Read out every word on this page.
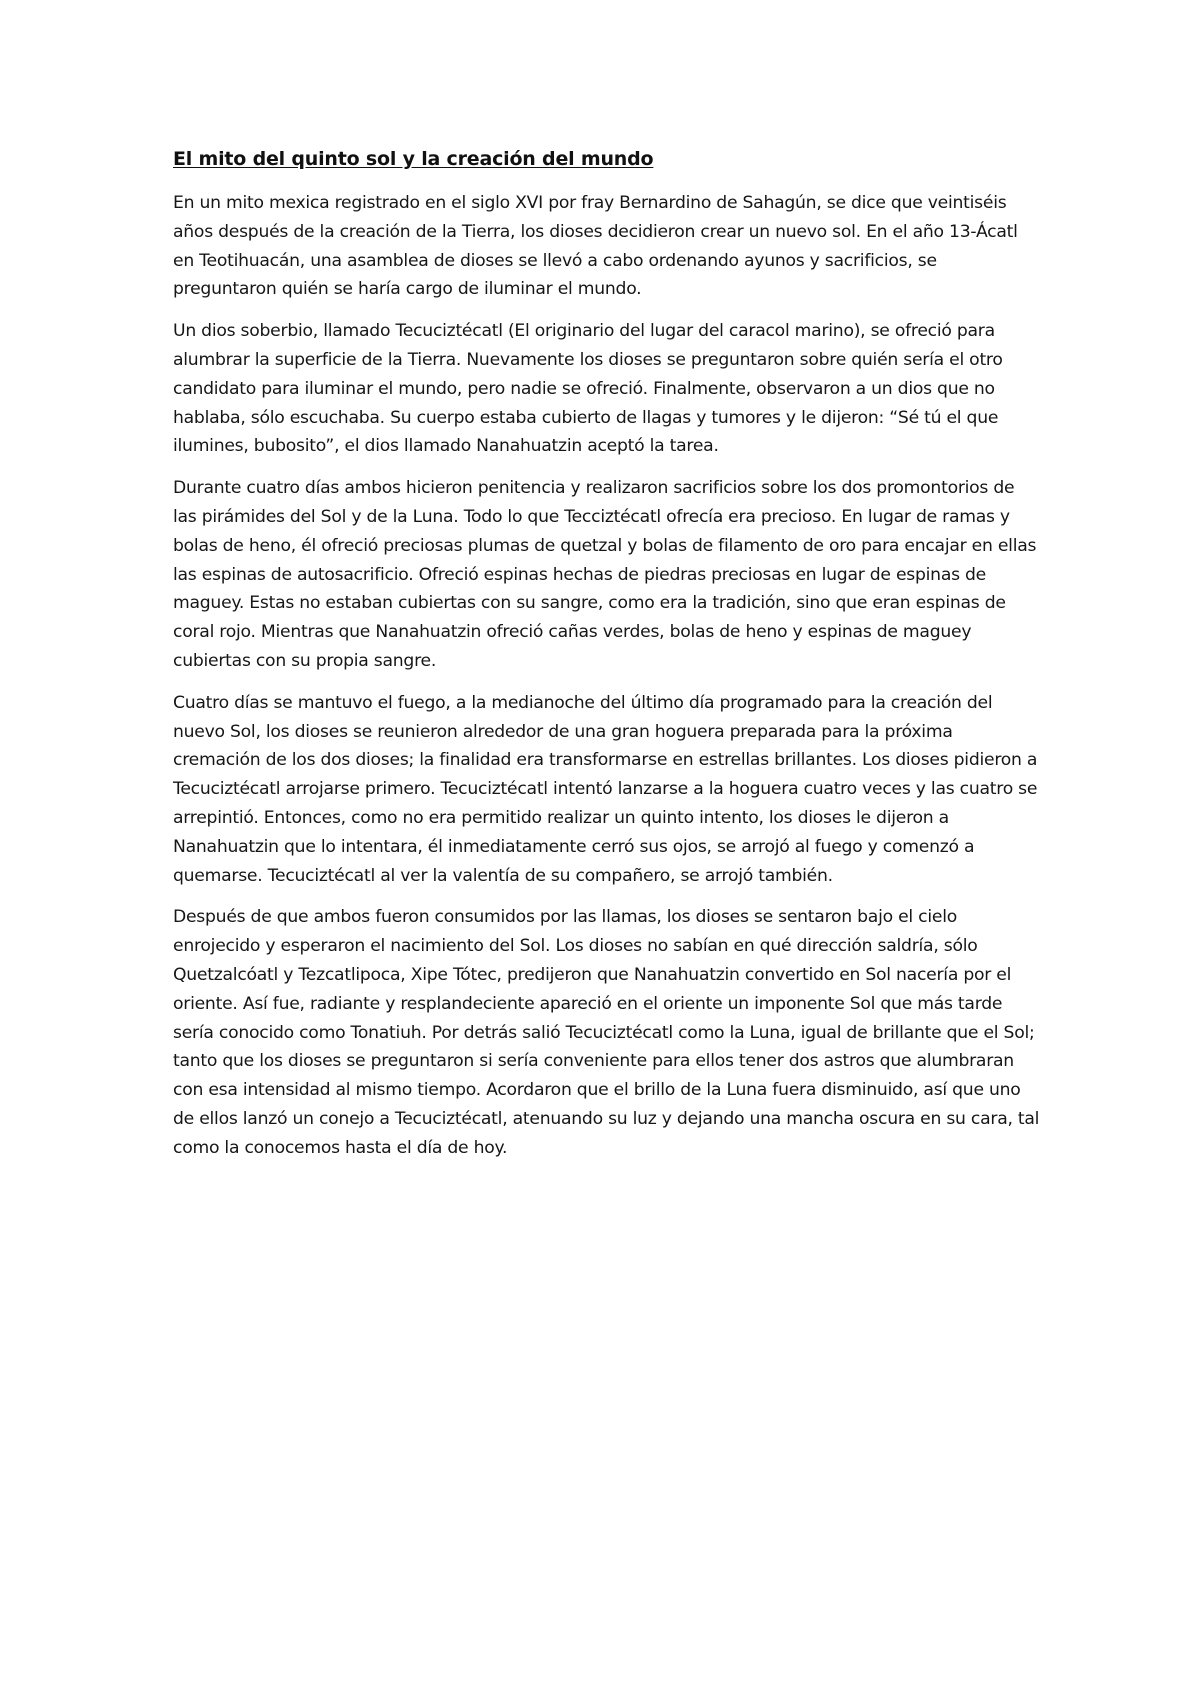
El mito del quinto sol y la creación del mundo

En un mito mexica registrado en el siglo XVI por fray Bernardino de Sahagún, se dice que veintiséis años después de la creación de la Tierra, los dioses decidieron crear un nuevo sol. En el año 13-Ácatl en Teotihuacán, una asamblea de dioses se llevó a cabo ordenando ayunos y sacrificios, se preguntaron quién se haría cargo de iluminar el mundo.

Un dios soberbio, llamado Tecuciztécatl (El originario del lugar del caracol marino), se ofreció para alumbrar la superficie de la Tierra. Nuevamente los dioses se preguntaron sobre quién sería el otro candidato para iluminar el mundo, pero nadie se ofreció. Finalmente, observaron a un dios que no hablaba, sólo escuchaba. Su cuerpo estaba cubierto de llagas y tumores y le dijeron: “Sé tú el que ilumines, bubosito”, el dios llamado Nanahuatzin aceptó la tarea.

Durante cuatro días ambos hicieron penitencia y realizaron sacrificios sobre los dos promontorios de las pirámides del Sol y de la Luna. Todo lo que Tecciztécatl ofrecía era precioso. En lugar de ramas y bolas de heno, él ofreció preciosas plumas de quetzal y bolas de filamento de oro para encajar en ellas las espinas de autosacrificio. Ofreció espinas hechas de piedras preciosas en lugar de espinas de maguey. Estas no estaban cubiertas con su sangre, como era la tradición, sino que eran espinas de coral rojo. Mientras que Nanahuatzin ofreció cañas verdes, bolas de heno y espinas de maguey cubiertas con su propia sangre.

Cuatro días se mantuvo el fuego, a la medianoche del último día programado para la creación del nuevo Sol, los dioses se reunieron alrededor de una gran hoguera preparada para la próxima cremación de los dos dioses; la finalidad era transformarse en estrellas brillantes. Los dioses pidieron a Tecuciztécatl arrojarse primero. Tecuciztécatl intentó lanzarse a la hoguera cuatro veces y las cuatro se arrepintió. Entonces, como no era permitido realizar un quinto intento, los dioses le dijeron a Nanahuatzin que lo intentara, él inmediatamente cerró sus ojos, se arrojó al fuego y comenzó a quemarse. Tecuciztécatl al ver la valentía de su compañero, se arrojó también.

Después de que ambos fueron consumidos por las llamas, los dioses se sentaron bajo el cielo enrojecido y esperaron el nacimiento del Sol. Los dioses no sabían en qué dirección saldría, sólo Quetzalcóatl y Tezcatlipoca, Xipe Tótec, predijeron que Nanahuatzin convertido en Sol nacería por el oriente. Así fue, radiante y resplandeciente apareció en el oriente un imponente Sol que más tarde sería conocido como Tonatiuh. Por detrás salió Tecuciztécatl como la Luna, igual de brillante que el Sol; tanto que los dioses se preguntaron si sería conveniente para ellos tener dos astros que alumbraran con esa intensidad al mismo tiempo. Acordaron que el brillo de la Luna fuera disminuido, así que uno de ellos lanzó un conejo a Tecuciztécatl, atenuando su luz y dejando una mancha oscura en su cara, tal como la conocemos hasta el día de hoy.
